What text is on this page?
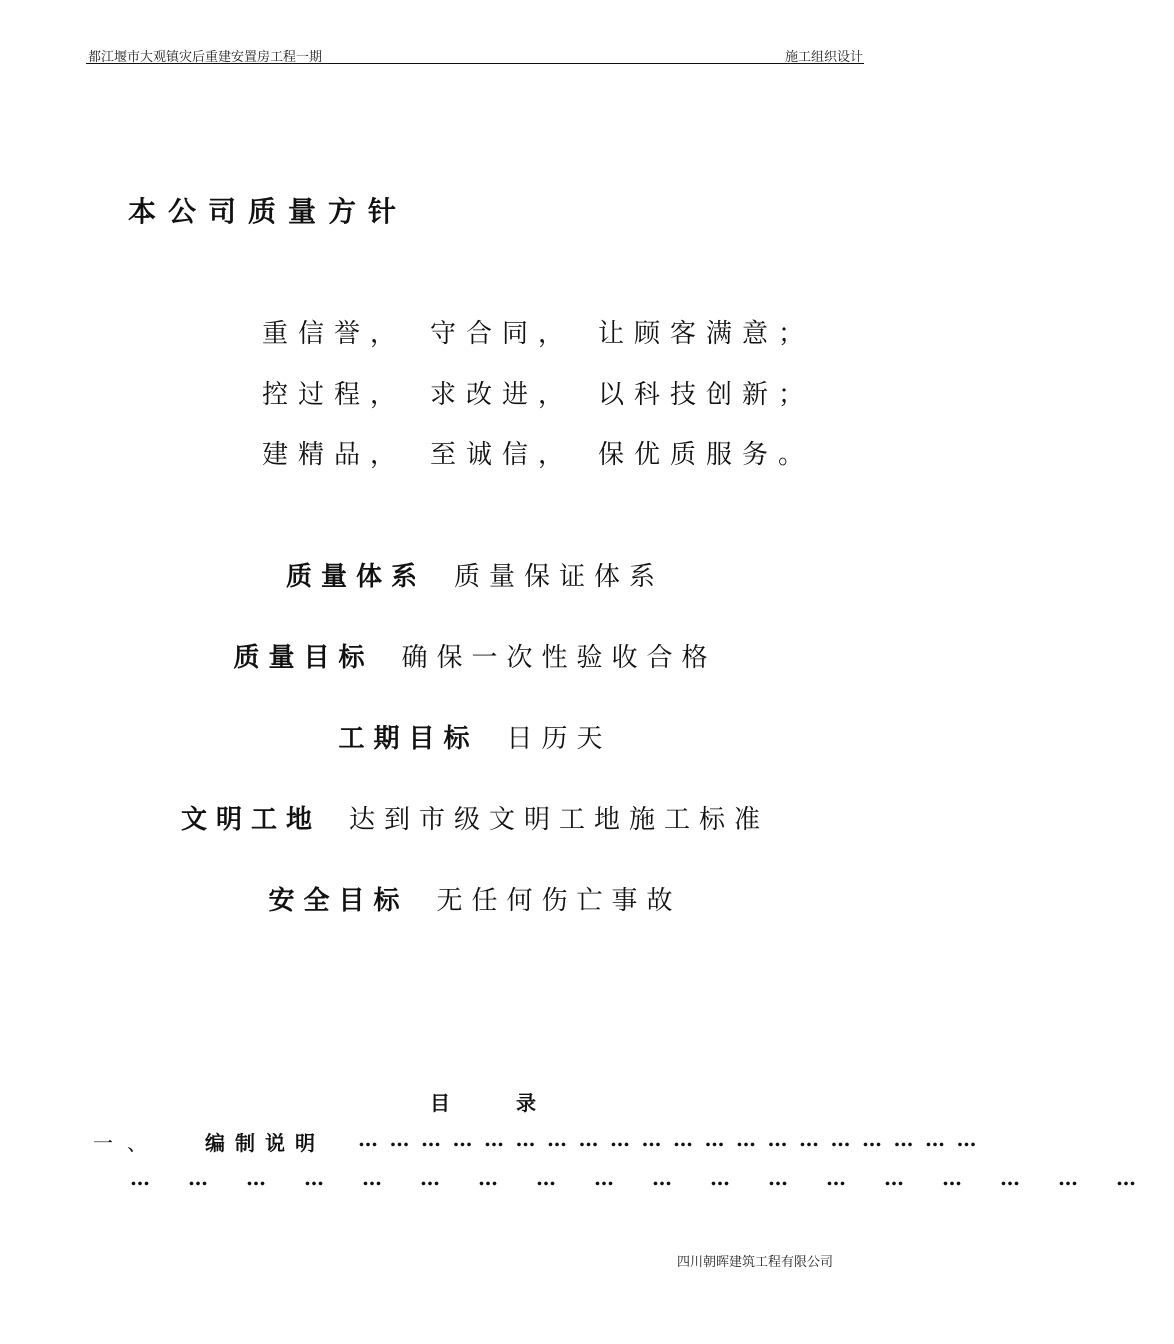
都江堰市大观镇灾后重建安置房工程一期	施工组织设计
本公司质量方针
重信誉， 守合同， 让顾客满意；
控过程， 求改进， 以科技创新；
建精品， 至诚信， 保优质服务。
质量体系 质量保证体系
质量目标 确保一次性验收合格
工期目标 日历天
文明工地 达到市级文明工地施工标准
安全目标 无任何伤亡事故
目	录
一、 编制说明 ……………………………………………………
………………………………………………
四川朝晖建筑工程有限公司
